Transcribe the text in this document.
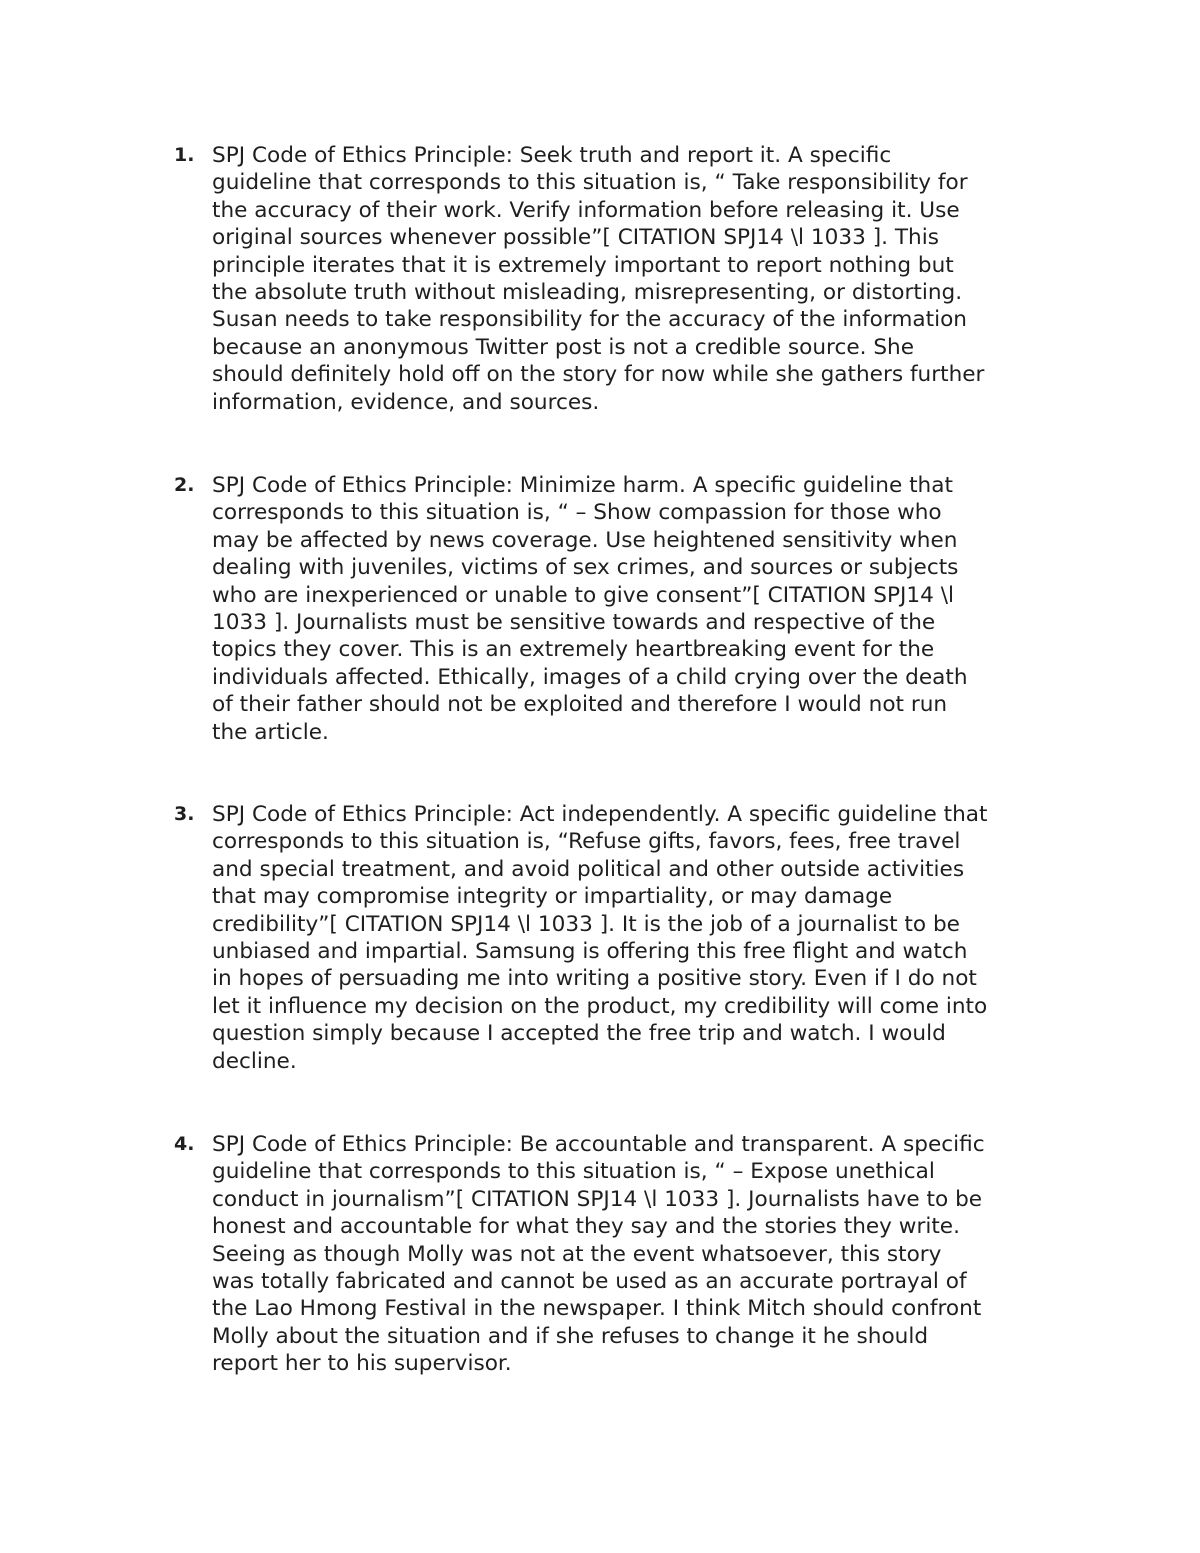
1. SPJ Code of Ethics Principle: Seek truth and report it. A specific
guideline that corresponds to this situation is, “ Take responsibility for
the accuracy of their work. Verify information before releasing it. Use
original sources whenever possible”[ CITATION SPJ14 \l 1033 ]. This
principle iterates that it is extremely important to report nothing but
the absolute truth without misleading, misrepresenting, or distorting.
Susan needs to take responsibility for the accuracy of the information
because an anonymous Twitter post is not a credible source. She
should definitely hold off on the story for now while she gathers further
information, evidence, and sources.
2. SPJ Code of Ethics Principle: Minimize harm. A specific guideline that
corresponds to this situation is, “ – Show compassion for those who
may be affected by news coverage. Use heightened sensitivity when
dealing with juveniles, victims of sex crimes, and sources or subjects
who are inexperienced or unable to give consent”[ CITATION SPJ14 \l
1033 ]. Journalists must be sensitive towards and respective of the
topics they cover. This is an extremely heartbreaking event for the
individuals affected. Ethically, images of a child crying over the death
of their father should not be exploited and therefore I would not run
the article.
3. SPJ Code of Ethics Principle: Act independently. A specific guideline that
corresponds to this situation is, “Refuse gifts, favors, fees, free travel
and special treatment, and avoid political and other outside activities
that may compromise integrity or impartiality, or may damage
credibility”[ CITATION SPJ14 \l 1033 ]. It is the job of a journalist to be
unbiased and impartial. Samsung is offering this free flight and watch
in hopes of persuading me into writing a positive story. Even if I do not
let it influence my decision on the product, my credibility will come into
question simply because I accepted the free trip and watch. I would
decline.
4. SPJ Code of Ethics Principle: Be accountable and transparent. A specific
guideline that corresponds to this situation is, “ – Expose unethical
conduct in journalism”[ CITATION SPJ14 \l 1033 ]. Journalists have to be
honest and accountable for what they say and the stories they write.
Seeing as though Molly was not at the event whatsoever, this story
was totally fabricated and cannot be used as an accurate portrayal of
the Lao Hmong Festival in the newspaper. I think Mitch should confront
Molly about the situation and if she refuses to change it he should
report her to his supervisor.
